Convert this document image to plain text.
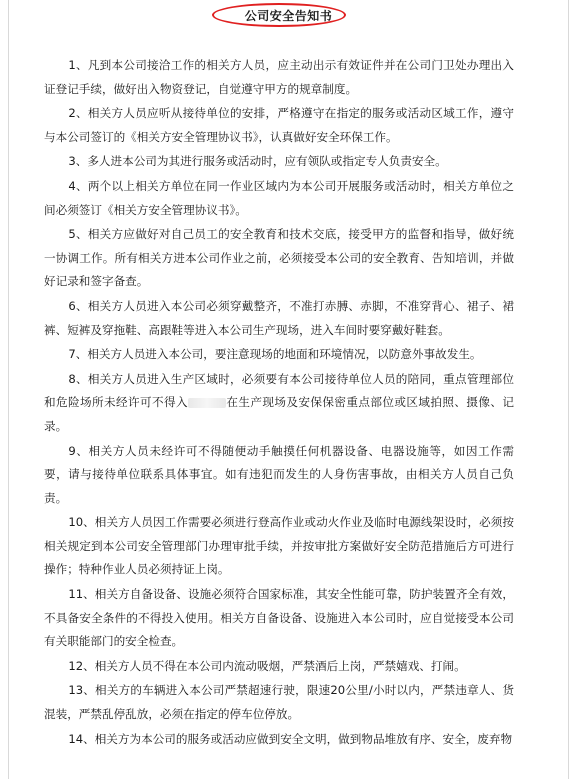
公司安全告知书

1、凡到本公司接洽工作的相关方人员，应主动出示有效证件并在公司门卫处办理出入证登记手续，做好出入物资登记，自觉遵守甲方的规章制度。

2、相关方人员应听从接待单位的安排，严格遵守在指定的服务或活动区域工作，遵守与本公司签订的《相关方安全管理协议书》，认真做好安全环保工作。

3、多人进本公司为其进行服务或活动时，应有领队或指定专人负责安全。

4、两个以上相关方单位在同一作业区域内为本公司开展服务或活动时，相关方单位之间必须签订《相关方安全管理协议书》。

5、相关方应做好对自己员工的安全教育和技术交底，接受甲方的监督和指导，做好统一协调工作。所有相关方进本公司作业之前，必须接受本公司的安全教育、告知培训，并做好记录和签字备查。

6、相关方人员进入本公司必须穿戴整齐，不准打赤膊、赤脚，不准穿背心、裙子、裙裤、短裤及穿拖鞋、高跟鞋等进入本公司生产现场，进入车间时要穿戴好鞋套。

7、相关方人员进入本公司，要注意现场的地面和环境情况，以防意外事故发生。

8、相关方人员进入生产区域时，必须要有本公司接待单位人员的陪同，重点管理部位和危险场所未经许可不得入	在生产现场及安保保密重点部位或区域拍照、摄像、记录。

9、相关方人员未经许可不得随便动手触摸任何机器设备、电器设施等，如因工作需要，请与接待单位联系具体事宜。如有违犯而发生的人身伤害事故，由相关方人员自己负责。

10、相关方人员因工作需要必须进行登高作业或动火作业及临时电源线架设时，必须按相关规定到本公司安全管理部门办理审批手续，并按审批方案做好安全防范措施后方可进行操作；特种作业人员必须持证上岗。

11、相关方自备设备、设施必须符合国家标准，其安全性能可靠，防护装置齐全有效，不具备安全条件的不得投入使用。相关方自备设备、设施进入本公司时，应自觉接受本公司有关职能部门的安全检查。

12、相关方人员不得在本公司内流动吸烟，严禁酒后上岗，严禁嬉戏、打闹。

13、相关方的车辆进入本公司严禁超速行驶，限速20公里/小时以内，严禁违章人、货混装，严禁乱停乱放，必须在指定的停车位停放。

14、相关方为本公司的服务或活动应做到安全文明，做到物品堆放有序、安全，废弃物
